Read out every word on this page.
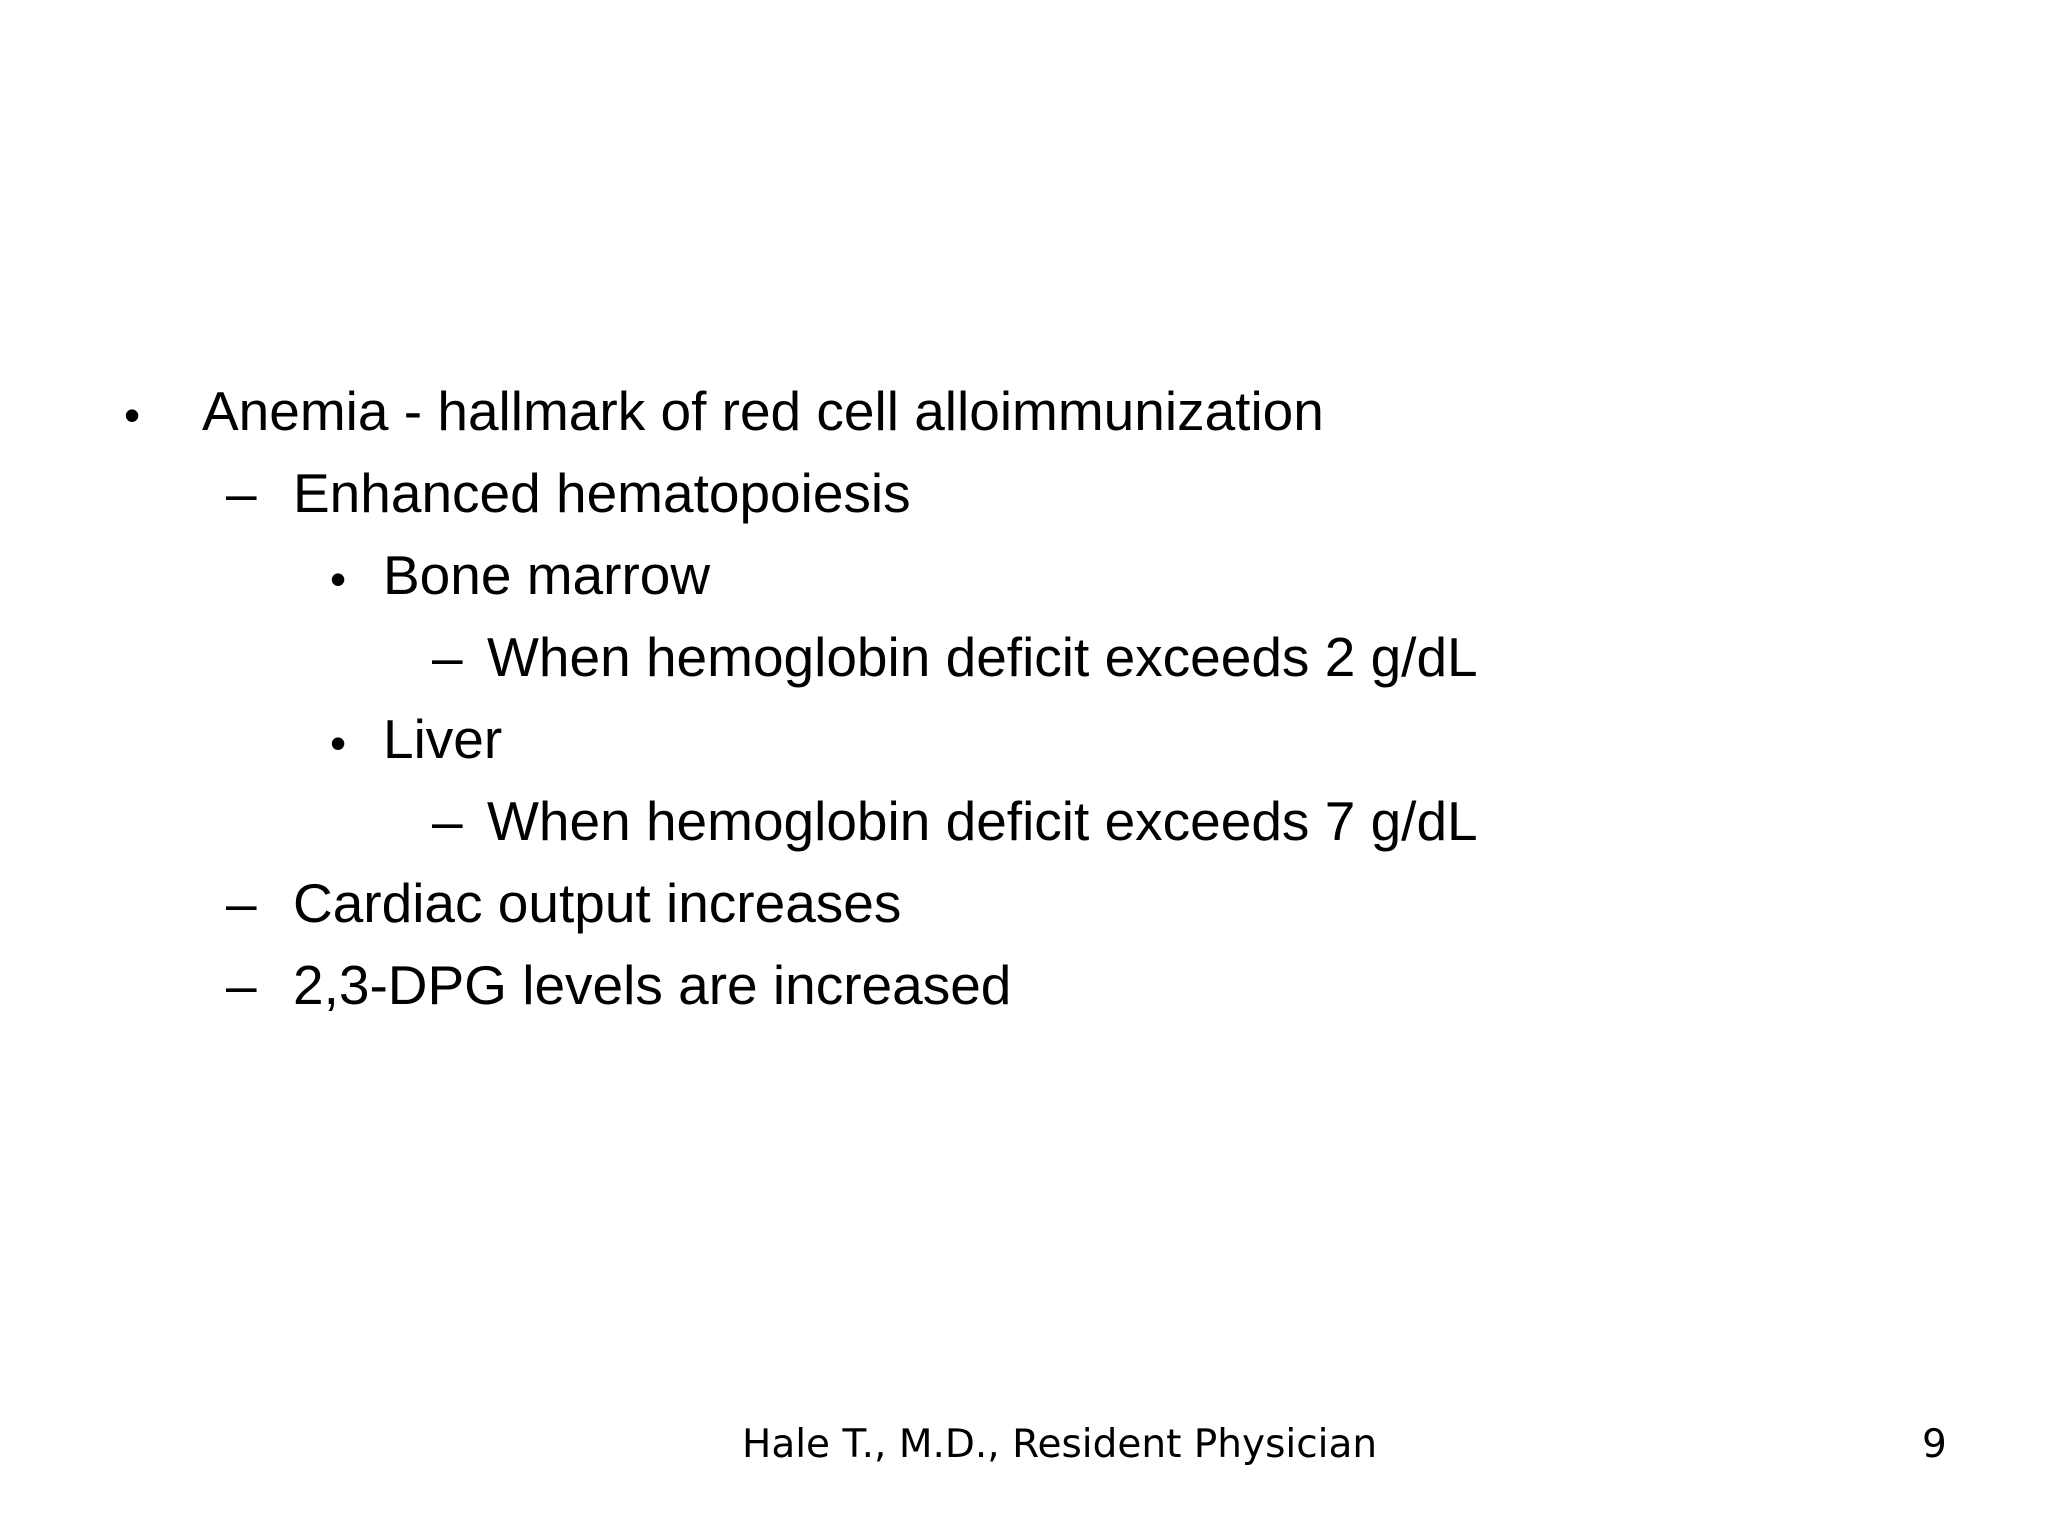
• Anemia - hallmark of red cell alloimmunization
– Enhanced hematopoiesis
• Bone marrow
– When hemoglobin deficit exceeds 2 g/dL
• Liver
– When hemoglobin deficit exceeds 7 g/dL
– Cardiac output increases
– 2,3-DPG levels are increased
Hale T., M.D., Resident Physician	9
